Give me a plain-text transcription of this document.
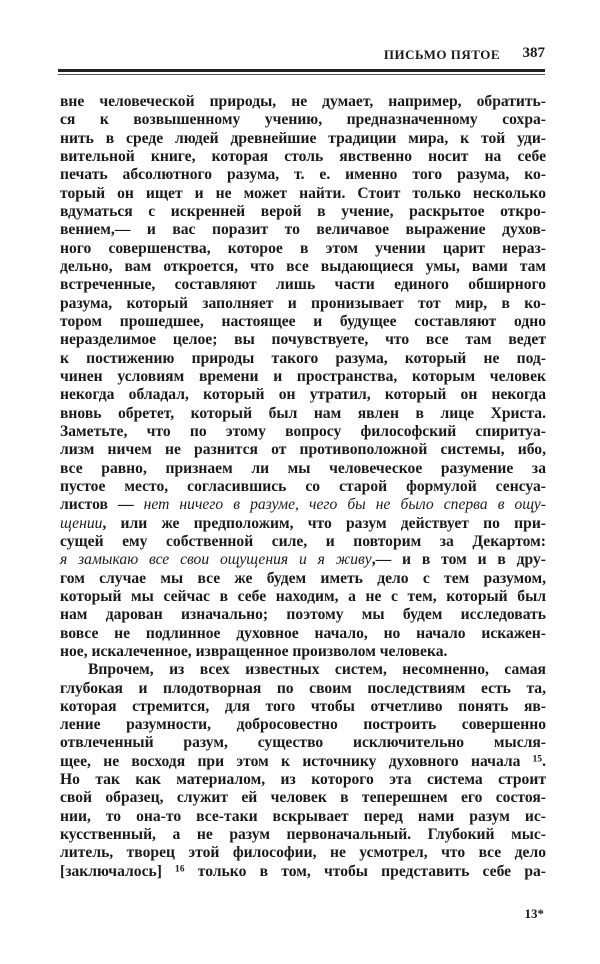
ПИСЬМО ПЯТОЕ 387
вне человеческой природы, не думает, например, обратить-
ся к возвышенному учению, предназначенному сохра-
нить в среде людей древнейшие традиции мира, к той уди-
вительной книге, которая столь явственно носит на себе
печать абсолютного разума, т. е. именно того разума, ко-
торый он ищет и не может найти. Стоит только несколько
вдуматься с искренней верой в учение, раскрытое откро-
вением,— и вас поразит то величавое выражение духов-
ного совершенства, которое в этом учении царит нераз-
дельно, вам откроется, что все выдающиеся умы, вами там
встреченные, составляют лишь части единого обширного
разума, который заполняет и пронизывает тот мир, в ко-
тором прошедшее, настоящее и будущее составляют одно
неразделимое целое; вы почувствуете, что все там ведет
к постижению природы такого разума, который не под-
чинен условиям времени и пространства, которым человек
некогда обладал, который он утратил, который он некогда
вновь обретет, который был нам явлен в лице Христа.
Заметьте, что по этому вопросу философский спиритуа-
лизм ничем не разнится от противоположной системы, ибо,
все равно, признаем ли мы человеческое разумение за
пустое место, согласившись со старой формулой сенсуа-
листов — нет ничего в разуме, чего бы не было сперва в ощу-
щении, или же предположим, что разум действует по при-
сущей ему собственной силе, и повторим за Декартом:
я замыкаю все свои ощущения и я живу,— и в том и в дру-
гом случае мы все же будем иметь дело с тем разумом,
который мы сейчас в себе находим, а не с тем, который был
нам дарован изначально; поэтому мы будем исследовать
вовсе не подлинное духовное начало, но начало искажен-
ное, искалеченное, извращенное произволом человека.
Впрочем, из всех известных систем, несомненно, самая
глубокая и плодотворная по своим последствиям есть та,
которая стремится, для того чтобы отчетливо понять яв-
ление разумности, добросовестно построить совершенно
отвлеченный разум, существо исключительно мысля-
щее, не восходя при этом к источнику духовного начала ¹⁵.
Но так как материалом, из которого эта система строит
свой образец, служит ей человек в теперешнем его состоя-
нии, то она-то все-таки вскрывает перед нами разум ис-
кусственный, а не разум первоначальный. Глубокий мыс-
литель, творец этой философии, не усмотрел, что все дело
[заключалось] ¹⁶ только в том, чтобы представить себе ра-
13*
